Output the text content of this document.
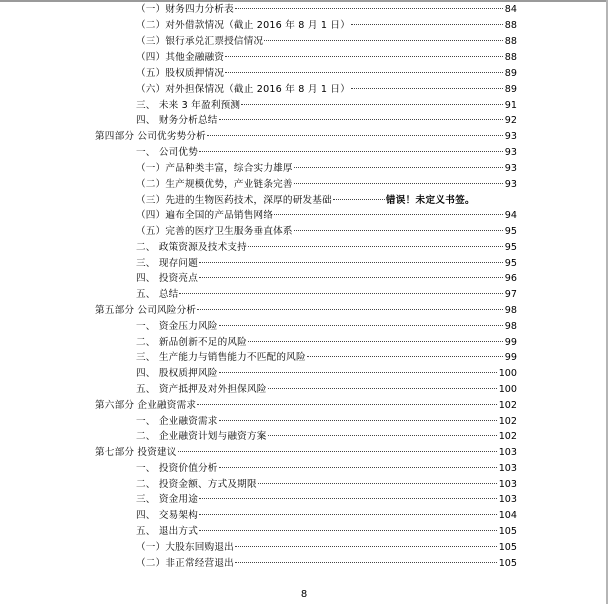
（一）财务四力分析表	84
（二）对外借款情况（截止 2016 年 8 月 1 日）	88
（三）银行承兑汇票授信情况	88
（四）其他金融融资	88
（五）股权质押情况	89
（六）对外担保情况（截止 2016 年 8 月 1 日）	89
三、 未来 3 年盈利预测	91
四、 财务分析总结	92
第四部分 公司优劣势分析	93
一、 公司优势	93
（一）产品种类丰富，综合实力雄厚	93
（二）生产规模优势，产业链条完善	93
（三）先进的生物医药技术，深厚的研发基础	错误！未定义书签。
（四）遍布全国的产品销售网络	94
（五）完善的医疗卫生服务垂直体系	95
二、 政策资源及技术支持	95
三、 现存问题	95
四、 投资亮点	96
五、 总结	97
第五部分 公司风险分析	98
一、 资金压力风险	98
二、 新品创新不足的风险	99
三、 生产能力与销售能力不匹配的风险	99
四、 股权质押风险	100
五、 资产抵押及对外担保风险	100
第六部分 企业融资需求	102
一、 企业融资需求	102
二、 企业融资计划与融资方案	102
第七部分 投资建议	103
一、 投资价值分析	103
二、 投资金额、方式及期限	103
三、 资金用途	103
四、 交易架构	104
五、 退出方式	105
（一）大股东回购退出	105
（二）非正常经营退出	105
8
